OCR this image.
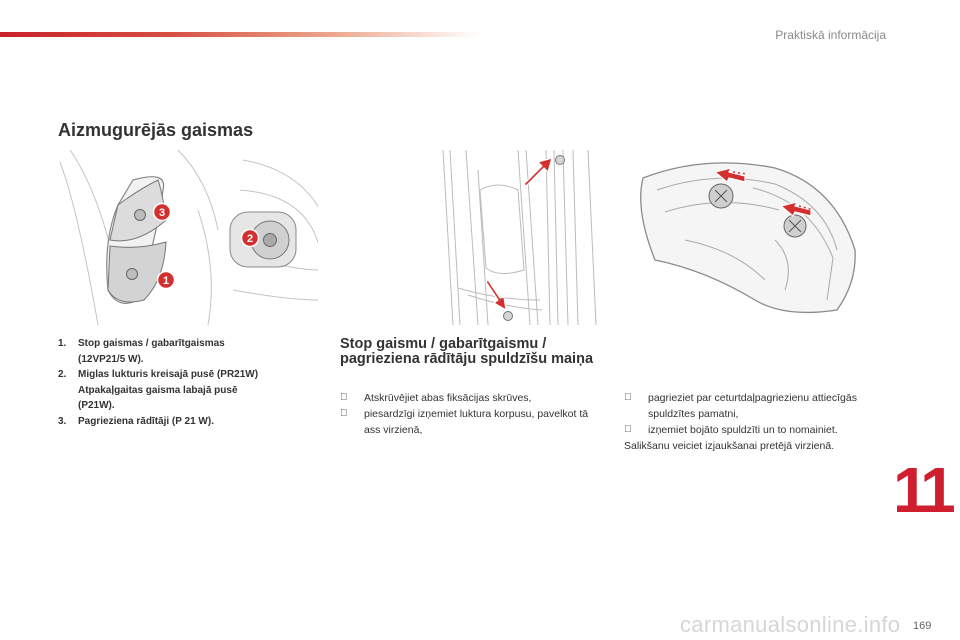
Praktiskā informācija
Aizmugurējās gaismas
3
1
2
1.	Stop gaismas / gabarītgaismas
(12VP21/5 W).
2.	Miglas lukturis kreisajā pusē (PR21W)
Atpakaļgaitas gaisma labajā pusē
(P21W).
3.	Pagrieziena rādītāji (P 21 W).
Stop gaismu / gabarītgaismu / pagrieziena rādītāju spuldzīšu maiņa
Atskrūvējiet abas fiksācijas skrūves,
piesardzīgi izņemiet luktura korpusu, pavelkot tā ass virzienā,
pagrieziet par ceturtdaļpagriezienu attiecīgās spuldzītes pamatni,
izņemiet bojāto spuldzīti un to nomainiet.

Salikšanu veiciet izjaukšanai pretējā virzienā.

11
169
carmanualsonline.info
